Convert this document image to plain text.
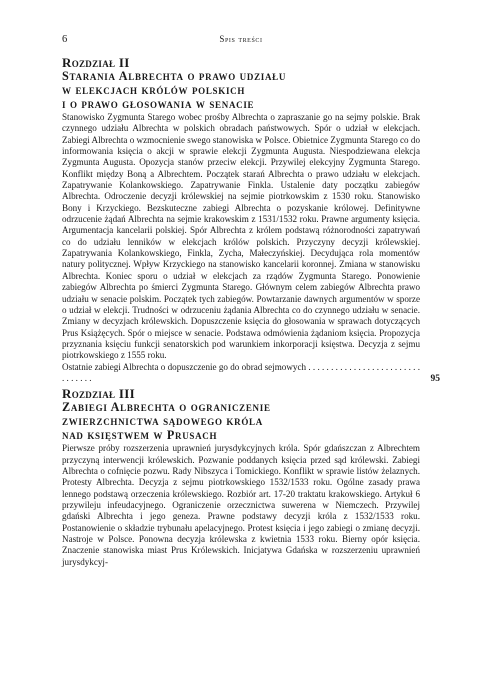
6	Spis treści
Rozdział II
Starania Albrechta o prawo udziału
w elekcjach królów polskich
i o prawo głosowania w senacie

Stanowisko Zygmunta Starego wobec prośby Albrechta o zapraszanie go na sejmy polskie. Brak czynnego udziału Albrechta w polskich obradach państwowych. Spór o udział w elekcjach. Zabiegi Albrechta o wzmocnienie swego stanowiska w Polsce. Obietnice Zygmunta Starego co do informowania księcia o akcji w sprawie elekcji Zygmunta Augusta. Niespodziewana elekcja Zygmunta Augusta. Opozycja stanów przeciw elekcji. Przywilej elekcyjny Zygmunta Starego. Konflikt między Boną a Albrechtem. Początek starań Albrechta o prawo udziału w elekcjach. Zapatrywanie Kolankowskiego. Zapatrywanie Finkla. Ustalenie daty początku zabiegów Albrechta. Odroczenie decyzji królewskiej na sejmie piotrkowskim z 1530 roku. Stanowisko Bony i Krzyckiego. Bezskuteczne zabiegi Albrechta o pozyskanie królowej. Definitywne odrzucenie żądań Albrechta na sejmie krakowskim z 1531/1532 roku. Prawne argumenty księcia. Argumentacja kancelarii polskiej. Spór Albrechta z królem podstawą różnorodności zapatrywań co do udziału lenników w elekcjach królów polskich. Przyczyny decyzji królewskiej. Zapatrywania Kolankowskiego, Finkla, Zycha, Małeczyńskiej. Decydująca rola momentów natury politycznej. Wpływ Krzyckiego na stanowisko kancelarii koronnej. Zmiana w stanowisku Albrechta. Koniec sporu o udział w elekcjach za rządów Zygmunta Starego. Ponowienie zabiegów Albrechta po śmierci Zygmunta Starego. Głównym celem zabiegów Albrechta prawo udziału w senacie polskim. Początek tych zabiegów. Powtarzanie dawnych argumentów w sporze o udział w elekcji. Trudności w odrzuceniu żądania Albrechta co do czynnego udziału w senacie. Zmiany w decyzjach królewskich. Dopuszczenie księcia do głosowania w sprawach dotyczących Prus Książęcych. Spór o miejsce w senacie. Podstawa odmówienia żądaniom księcia. Propozycja przyznania księciu funkcji senatorskich pod warunkiem inkorporacji księstwa. Decyzja z sejmu piotrkowskiego z 1555 roku.

Ostatnie zabiegi Albrechta o dopuszczenie go do obrad sejmowych . . . . . . . . . . . . . . . . . . . . . . . . . . . . . . . .	95
Rozdział III
Zabiegi Albrechta o ograniczenie
zwierzchnictwa sądowego króla
nad księstwem w Prusach

Pierwsze próby rozszerzenia uprawnień jurysdykcyjnych króla. Spór gdańszczan z Albrechtem przyczyną interwencji królewskich. Pozwanie poddanych księcia przed sąd królewski. Zabiegi Albrechta o cofnięcie pozwu. Rady Nibszyca i Tomickiego. Konflikt w sprawie listów żelaznych. Protesty Albrechta. Decyzja z sejmu piotrkowskiego 1532/1533 roku. Ogólne zasady prawa lennego podstawą orzeczenia królewskiego. Rozbiór art. 17-20 traktatu krakowskiego. Artykuł 6 przywileju infeudacyjnego. Ograniczenie orzecznictwa suwerena w Niemczech. Przywilej gdański Albrechta i jego geneza. Prawne podstawy decyzji króla z 1532/1533 roku. Postanowienie o składzie trybunału apelacyjnego. Protest księcia i jego zabiegi o zmianę decyzji. Nastroje w Polsce. Ponowna decyzja królewska z kwietnia 1533 roku. Bierny opór księcia. Znaczenie stanowiska miast Prus Królewskich. Inicjatywa Gdańska w rozszerzeniu uprawnień jurysdykcyj-
